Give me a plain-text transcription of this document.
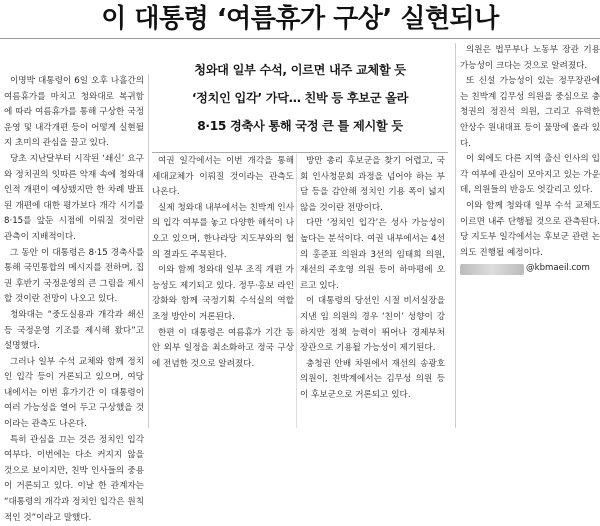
이 대통령 ‘여름휴가 구상’ 실현되나

의원은 법무부나 노동부 장관 기용 가능성이 크다는 것으로 알려졌다.

또 신설 가능성이 있는 정무장관에는 친박계 김무성 의원을 중심으로 충청권의 정진석 의원, 그리고 유력한 안상수 원내대표 등이 물망에 올라 있다.

이 외에도 다른 지역 출신 인사의 입각 여부에 관심이 모아지고 있는 가운데, 의원들의 반응도 엇갈리고 있다.

이와 함께 청와대 일부 수석 교체도 이르면 내주 단행될 것으로 관측된다. 당 지도부 일각에서는 후보군 관련 논의도 진행될 예정이다.

@kbmaeil.com

청와대 일부 수석, 이르면 내주 교체할 듯

‘정치인 입각’ 가닥… 친박 등 후보군 올라

8·15 경축사 통해 국정 큰 틀 제시할 듯

이명박 대통령이 6일 오후 나흘간의 여름휴가를 마치고 청와대로 복귀함에 따라 여름휴가를 통해 구상한 국정운영 및 내각개편 등이 어떻게 실현될 지 초미의 관심을 끌고 있다.

당초 지난달부터 시작된 ‘쇄신’ 요구와 정치권의 잇따른 악재 속에 청와대 인적 개편이 예상됐지만 한 차례 발표된 개편에 대한 평가보다 개각 시기를 8·15를 앞둔 시점에 이뤄질 것이란 관측이 지배적이다.

그 동안 이 대통령은 8·15 경축사를 통해 국민통합의 메시지를 전하며, 집권 후반기 국정운영의 큰 그림을 제시할 것이란 전망이 나오고 있다.

청와대는 “중도실용과 개각과 쇄신 등 국정운영 기조를 제시해 왔다”고 설명했다.

그러나 일부 수석 교체와 함께 정치인 입각 등이 거론되고 있으며, 여당 내에서는 이번 휴가기간 이 대통령이 여러 가능성을 열어 두고 구상했을 것이라는 관측도 나온다.

특히 관심을 끄는 것은 정치인 입각 여부다. 이번에는 다소 커지지 않을 것으로 보이지만, 친박 인사들의 중용이 거론되고 있다. 이날 한 관계자는 “대통령의 개각과 정치인 입각은 원칙적인 것”이라고 말했다.

여권 일각에서는 이번 개각을 통해 세대교체가 이뤄질 것이라는 관측도 나온다.

실제 청와대 내부에서는 친박계 인사의 입각 여부를 놓고 다양한 해석이 나오고 있으며, 한나라당 지도부와의 협의 결과도 주목된다.

이와 함께 청와대 일부 조직 개편 가능성도 제기되고 있다. 정무·홍보 라인 강화와 함께 국정기획 수석실의 역할 조정 방안이 거론된다.

한편 이 대통령은 여름휴가 기간 동안 외부 일정을 최소화하고 정국 구상에 전념한 것으로 알려졌다.

방만 총리 후보군을 찾기 어렵고, 국회 인사청문회 과정을 넘어야 하는 부담 등을 감안해 정치인 기용 폭이 넓지 않을 것이란 전망이다.

다만 ‘정치인 입각’은 성사 가능성이 높다는 분석이다. 여권 내부에서는 4선의 홍준표 의원과 3선의 임태희 의원, 재선의 주호영 의원 등이 하마평에 오르고 있다.

이 대통령의 당선인 시절 비서실장을 지낸 임 의원의 경우 ‘친이’ 성향이 강하지만 정책 능력이 뛰어나 경제부처 장관으로 기용될 가능성이 제기된다.

충청권 안배 차원에서 재선의 송광호 의원이, 친박계에서는 김무성 의원 등이 후보군으로 거론되고 있다.
